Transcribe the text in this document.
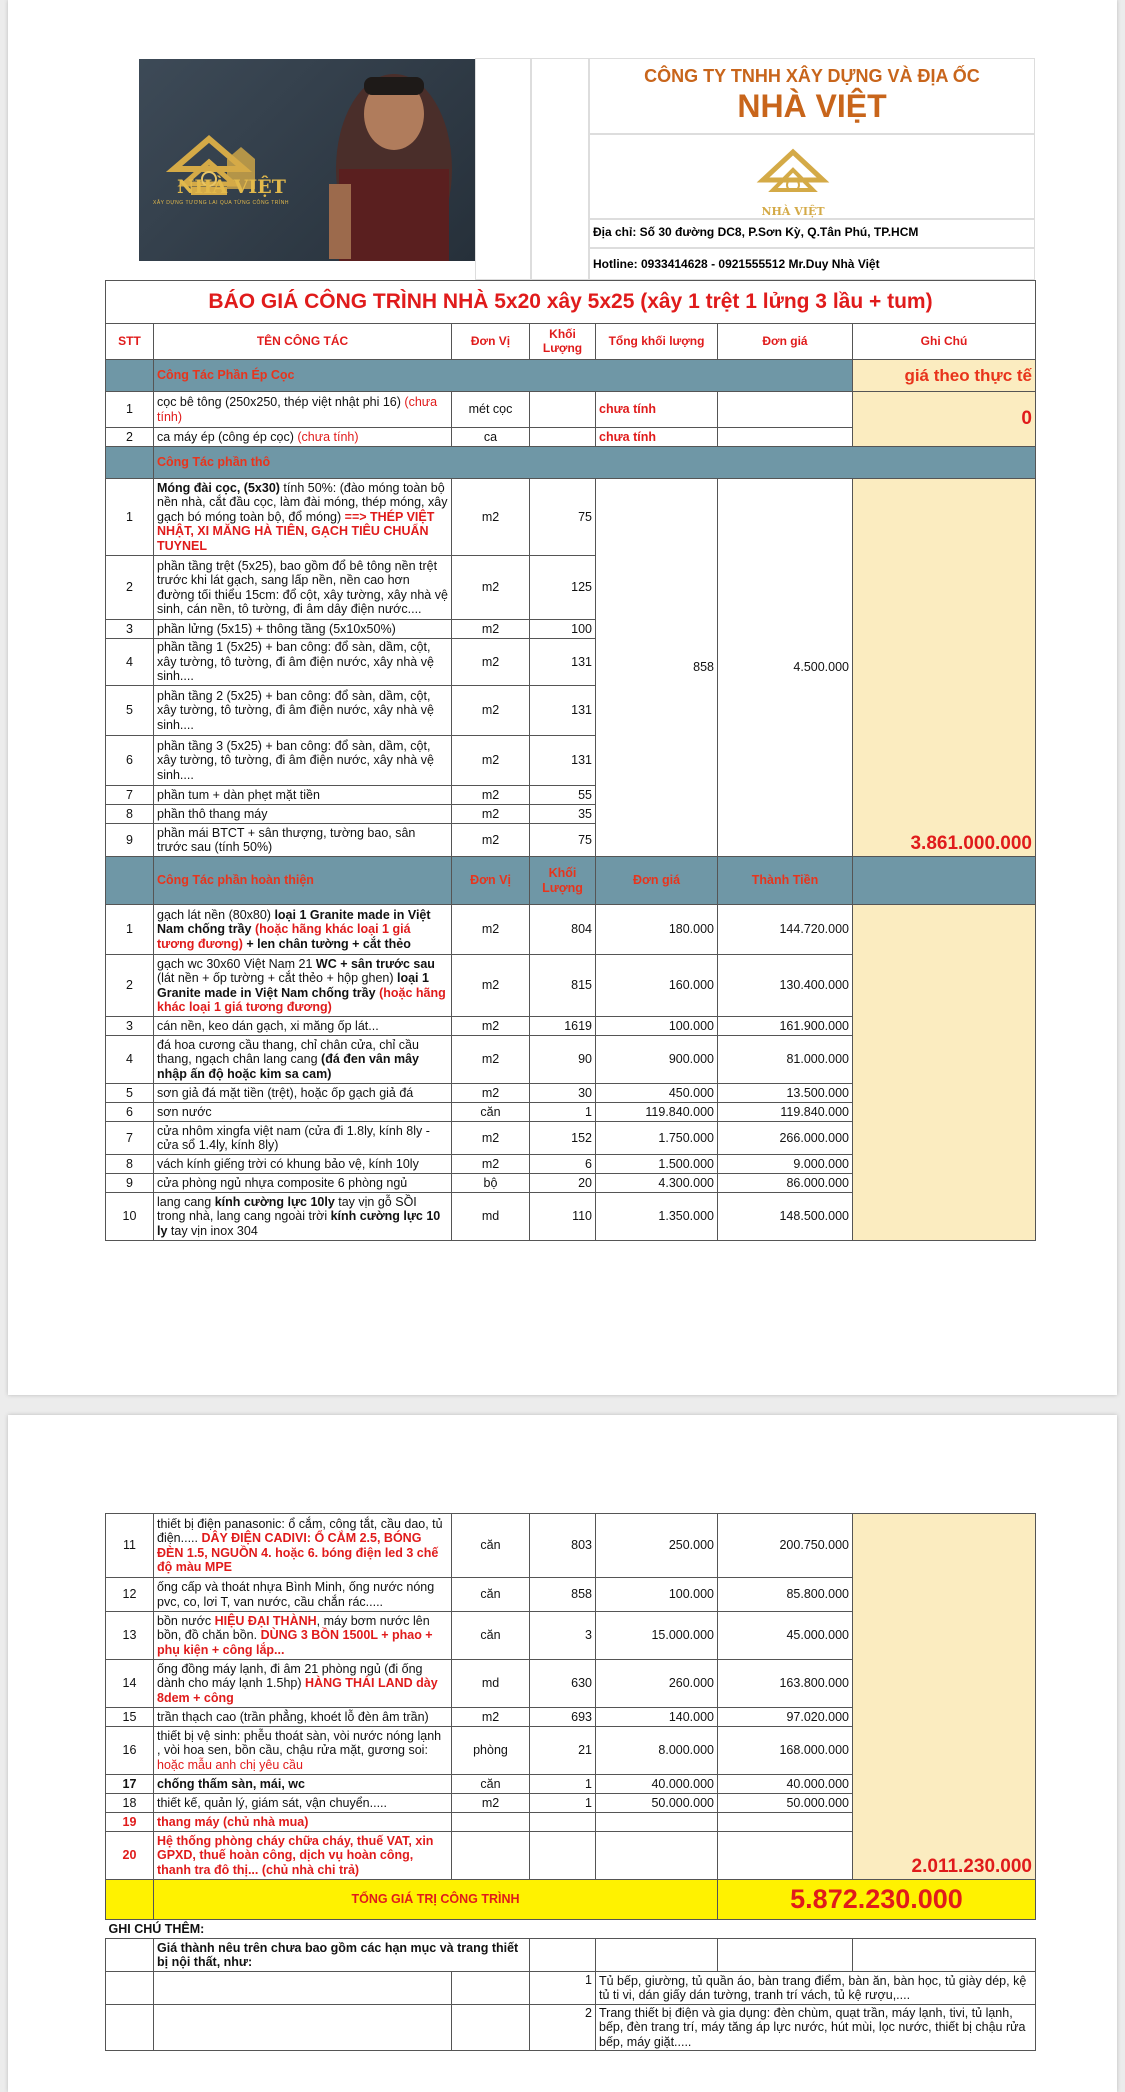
NHÀ VIỆT
XÂY DỰNG TƯƠNG LAI QUA TỪNG CÔNG TRÌNH
CÔNG TY TNHH XÂY DỰNG VÀ ĐỊA ỐC
NHÀ VIỆT
NHÀ VIỆT
Địa chỉ: Số 30 đường DC8, P.Sơn Kỳ, Q.Tân Phú, TP.HCM
Hotline: 0933414628 - 0921555512 Mr.Duy Nhà Việt
BÁO GIÁ CÔNG TRÌNH NHÀ 5x20 xây 5x25 (xây 1 trệt 1 lửng 3 lầu + tum)						
STT	TÊN CÔNG TÁC	Đơn Vị	Khối Lượng	Tổng khối lượng	Đơn giá	Ghi Chú
	Công Tác Phần Ép Cọc					giá theo thực tế
1	cọc bê tông (250x250, thép việt nhật phi 16) (chưa tính)	mét cọc		chưa tính		0
2	ca máy ép (công ép cọc) (chưa tính)	ca		chưa tính		
	Công Tác phần thô					
1	Móng đài cọc, (5x30) tính 50%: (đào móng toàn bộ nền nhà, cắt đầu cọc, làm đài móng, thép móng, xây gạch bó móng toàn bộ, đổ móng) ==> THÉP VIỆT NHẬT, XI MĂNG HÀ TIÊN, GẠCH TIÊU CHUẨN TUYNEL	m2	75	858	4.500.000	3.861.000.000
2	phần tầng trệt (5x25), bao gồm đổ bê tông nền trệt trước khi lát gạch, sang lấp nền, nền cao hơn đường tối thiểu 15cm: đổ cột, xây tường, xây nhà vệ sinh, cán nền, tô tường, đi âm dây điện nước....	m2	125			
3	phần lửng (5x15) + thông tầng (5x10x50%)	m2	100			
4	phần tầng 1 (5x25) + ban công: đổ sàn, dầm, cột, xây tường, tô tường, đi âm điện nước, xây nhà vệ sinh....	m2	131			
5	phần tầng 2 (5x25) + ban công: đổ sàn, dầm, cột, xây tường, tô tường, đi âm điện nước, xây nhà vệ sinh....	m2	131			
6	phần tầng 3 (5x25) + ban công: đổ sàn, dầm, cột, xây tường, tô tường, đi âm điện nước, xây nhà vệ sinh....	m2	131			
7	phần tum + dàn phẹt mặt tiền	m2	55			
8	phần thô thang máy	m2	35			
9	phần mái BTCT + sân thượng, tường bao, sân trước sau (tính 50%)	m2	75			
	Công Tác phần hoàn thiện	Đơn Vị	Khối Lượng	Đơn giá	Thành Tiền	
1	gạch lát nền (80x80) loại 1 Granite made in Việt Nam chống trầy (hoặc hãng khác loại 1 giá tương đương) + len chân tường + cắt thẻo	m2	804	180.000	144.720.000	
2	gạch wc 30x60 Việt Nam 21 WC + sân trước sau (lát nền + ốp tường + cắt thẻo + hộp ghen) loại 1 Granite made in Việt Nam chống trầy (hoặc hãng khác loại 1 giá tương đương)	m2	815	160.000	130.400.000	
3	cán nền, keo dán gạch, xi măng ốp lát...	m2	1619	100.000	161.900.000	
4	đá hoa cương cầu thang, chỉ chân cửa, chỉ cầu thang, ngạch chân lang cang (đá đen vân mây nhập ấn độ hoặc kim sa cam)	m2	90	900.000	81.000.000	
5	sơn giả đá mặt tiền (trệt), hoặc ốp gạch giả đá	m2	30	450.000	13.500.000	
6	sơn nước	căn	1	119.840.000	119.840.000	
7	cửa nhôm xingfa việt nam (cửa đi 1.8ly, kính 8ly - cửa sổ 1.4ly, kính 8ly)	m2	152	1.750.000	266.000.000	
8	vách kính giếng trời có khung bảo vệ, kính 10ly	m2	6	1.500.000	9.000.000	
9	cửa phòng ngủ nhựa composite 6 phòng ngủ	bộ	20	4.300.000	86.000.000	
10	lang cang kính cường lực 10ly tay vịn gỗ SỒI trong nhà, lang cang ngoài trời kính cường lực 10 ly tay vịn inox 304	md	110	1.350.000	148.500.000	
11	thiết bị điện panasonic: ổ cắm, công tắt, cầu dao, tủ điện..... DÂY ĐIỆN CADIVI: Ổ CẮM 2.5, BÓNG ĐÈN 1.5, NGUỒN 4. hoặc 6. bóng điện led 3 chế độ màu MPE	căn	803	250.000	200.750.000	2.011.230.000
12	ống cấp và thoát nhựa Bình Minh, ống nước nóng pvc, co, lơi T, van nước, cầu chắn rác.....	căn	858	100.000	85.800.000	
13	bồn nước HIỆU ĐẠI THÀNH, máy bơm nước lên bồn, đồ chăn bồn. DÙNG 3 BỒN 1500L + phao + phụ kiện + công lắp...	căn	3	15.000.000	45.000.000	
14	ống đồng máy lạnh, đi âm 21 phòng ngủ (đi ống dành cho máy lạnh 1.5hp) HÀNG THÁI LAND dày 8dem + công	md	630	260.000	163.800.000	
15	trần thạch cao (trần phẳng, khoét lỗ đèn âm trần)	m2	693	140.000	97.020.000	
16	thiết bị vệ sinh: phễu thoát sàn, vòi nước nóng lạnh , vòi hoa sen, bồn cầu, chậu rửa mặt, gương soi: hoặc mẫu anh chị yêu cầu	phòng	21	8.000.000	168.000.000	
17	chống thấm sàn, mái, wc	căn	1	40.000.000	40.000.000	
18	thiết kế, quản lý, giám sát, vận chuyển.....	m2	1	50.000.000	50.000.000	
19	thang máy (chủ nhà mua)					
20	Hệ thống phòng cháy chữa cháy, thuế VAT, xin GPXD, thuế hoàn công, dịch vụ hoàn công, thanh tra đô thị... (chủ nhà chi trả)					
	TỔNG GIÁ TRỊ CÔNG TRÌNH				5.872.230.000	
GHI CHÚ THÊM:						
	Giá thành nêu trên chưa bao gồm các hạn mục và trang thiết bị nội thất, như:					
			1	Tủ bếp, giường, tủ quần áo, bàn trang điểm, bàn ăn, bàn học, tủ giày dép, kệ tủ ti vi, dán giấy dán tường, tranh trí vách, tủ kệ rượu,....		
			2	Trang thiết bị điện và gia dụng: đèn chùm, quạt trần, máy lạnh, tivi, tủ lạnh, bếp, đèn trang trí, máy tăng áp lực nước, hút mùi, lọc nước, thiết bị chậu rửa bếp, máy giặt.....		
